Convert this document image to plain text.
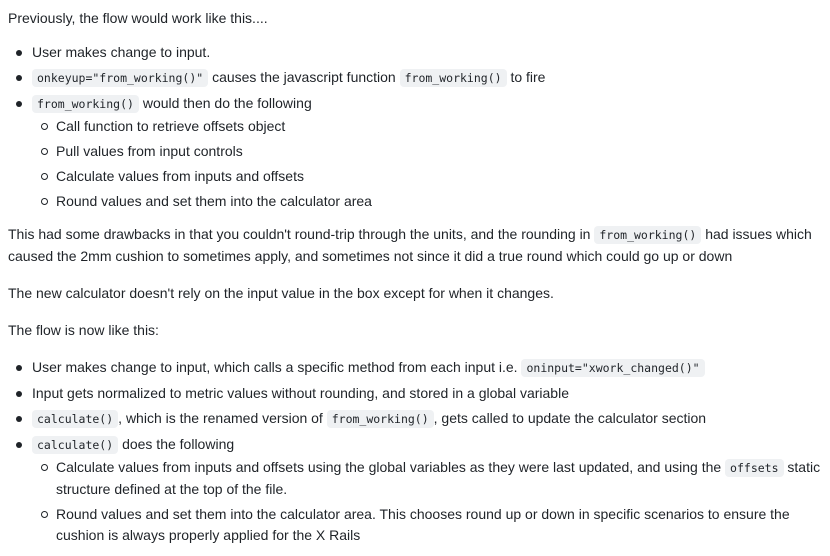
Previously, the flow would work like this....

User makes change to input.
onkeyup="from_working()" causes the javascript function from_working() to fire
from_working() would then do the following
Call function to retrieve offsets object
Pull values from input controls
Calculate values from inputs and offsets
Round values and set them into the calculator area

This had some drawbacks in that you couldn't round-trip through the units, and the rounding in from_working() had issues which caused the 2mm cushion to sometimes apply, and sometimes not since it did a true round which could go up or down

The new calculator doesn't rely on the input value in the box except for when it changes.

The flow is now like this:

User makes change to input, which calls a specific method from each input i.e. oninput="xwork_changed()"
Input gets normalized to metric values without rounding, and stored in a global variable
calculate() , which is the renamed version of from_working() , gets called to update the calculator section
calculate() does the following
Calculate values from inputs and offsets using the global variables as they were last updated, and using the offsets static structure defined at the top of the file.
Round values and set them into the calculator area. This chooses round up or down in specific scenarios to ensure the cushion is always properly applied for the X Rails
